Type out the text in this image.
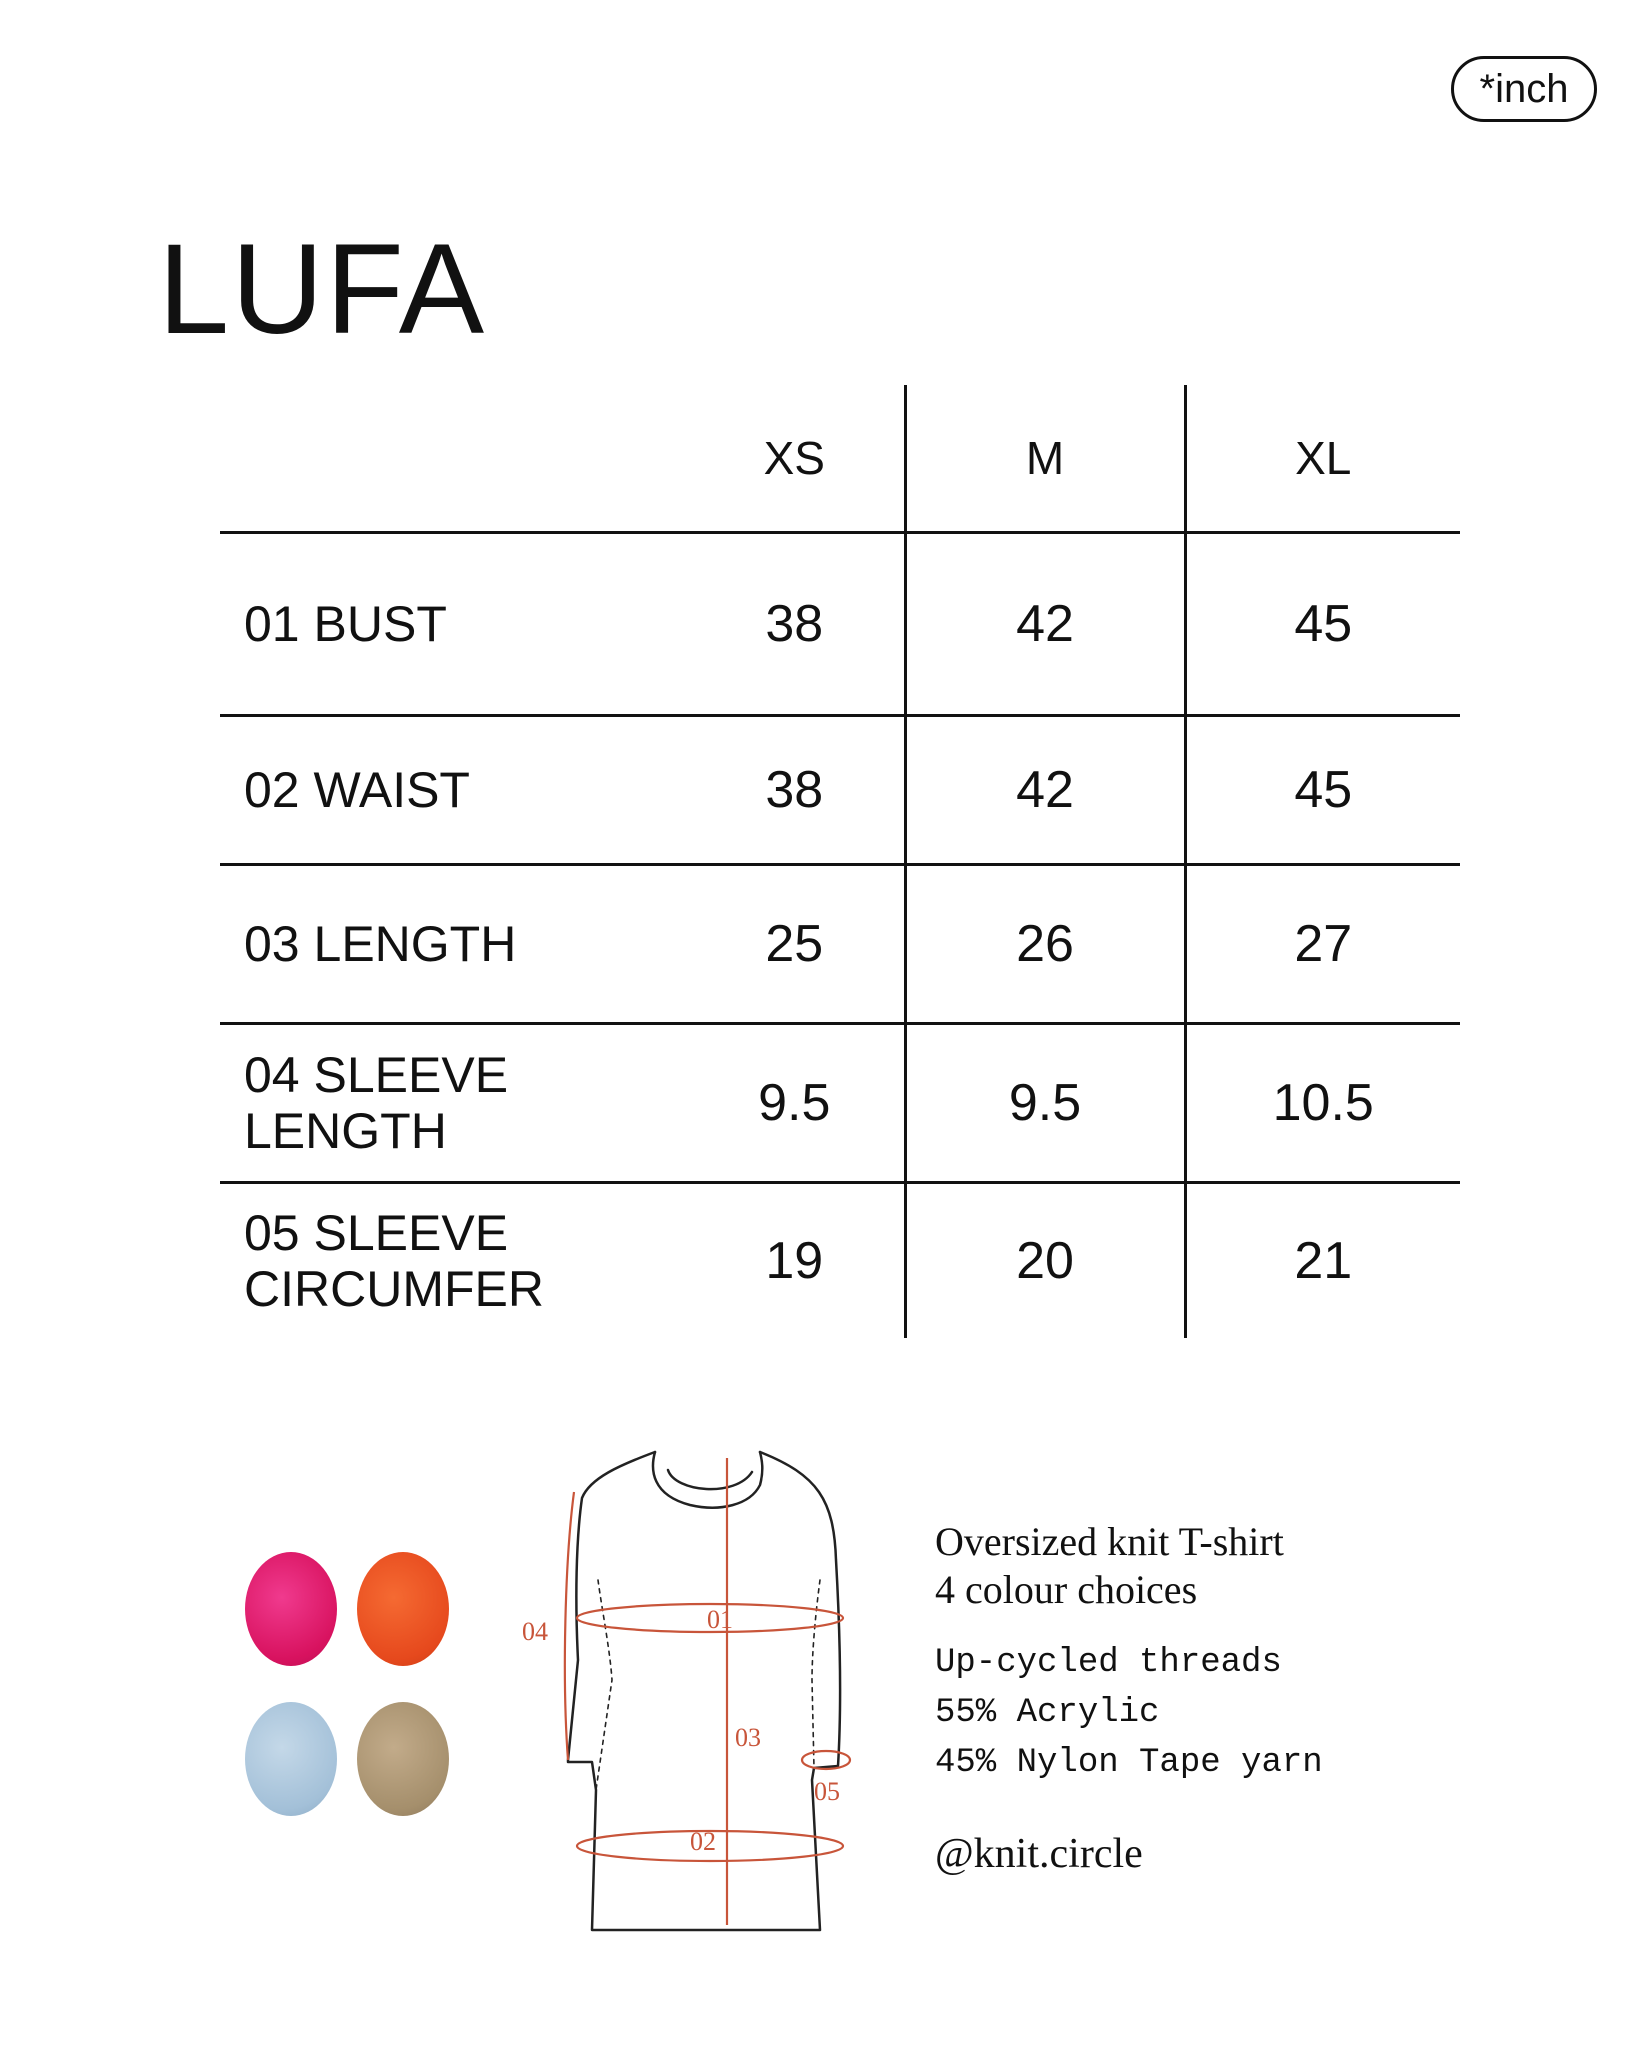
*inch
LUFA
	XS	M	XL

01 BUST	38	42	45

02 WAIST	38	42	45

03 LENGTH	25	26	27

04 SLEEVE
LENGTH	9.5	9.5	10.5

05 SLEEVE
CIRCUMFER	19	20	21
01
02
03
04
05
Oversized knit T-shirt
4 colour choices
Up-cycled threads
55% Acrylic
45% Nylon Tape yarn
@knit.circle
